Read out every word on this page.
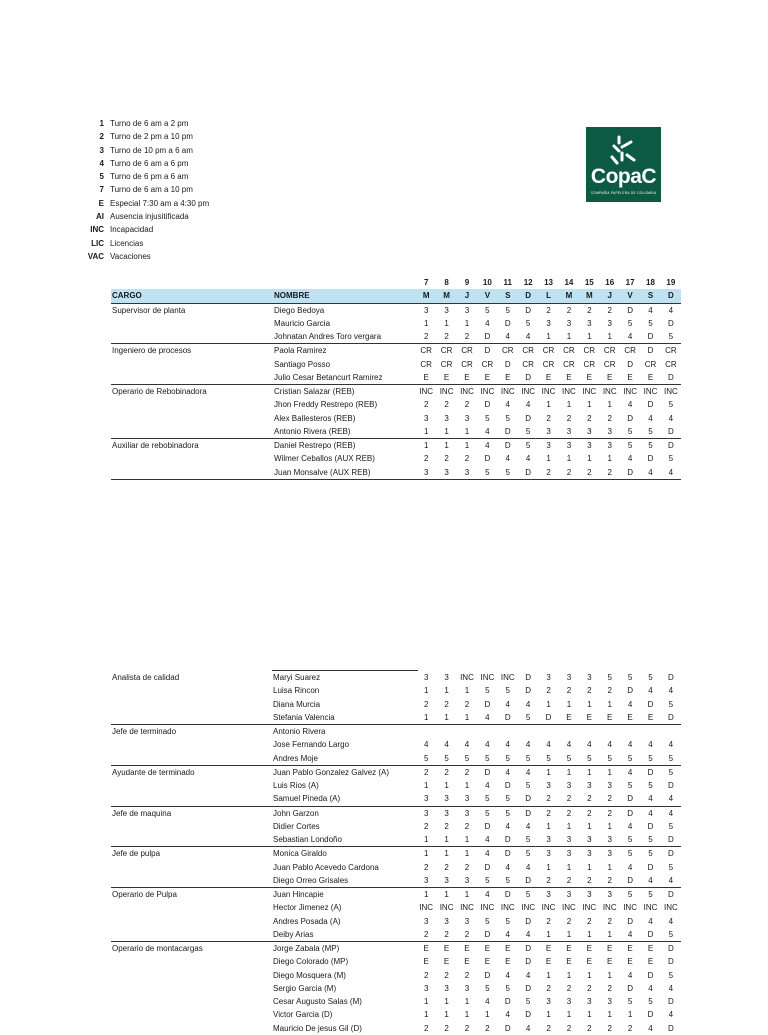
1 Turno de 6 am a 2 pm
2 Turno de 2 pm a 10 pm
3 Turno de 10 pm a 6 am
4 Turno de 6 am a 6 pm
5 Turno de 6 pm a 6 am
7 Turno de 6 am a 10 pm
E Especial 7:30 am a 4:30 pm
AI Ausencia injusitificada
INC Incapacidad
LIC Licencias
VAC Vacaciones
CopaC
COMPAÑÍA PAPELERA DE COLOMBIA
7	8	9	10	11	12	13	14	15	16	17	18	19
CARGO	NOMBRE	M	M	J	V	S	D	L	M	M	J	V	S	D
Supervisor de planta	Diego Bedoya	3	3	3	5	5	D	2	2	2	2	D	4	4
Mauricio Garcia	1	1	1	4	D	5	3	3	3	3	5	5	D
Johnatan Andres Toro vergara	2	2	2	D	4	4	1	1	1	1	4	D	5
Ingeniero de procesos	Paola Ramirez	CR	CR	CR	D	CR	CR	CR	CR	CR	CR	CR	D	CR
Santiago Posso	CR	CR	CR	CR	D	CR	CR	CR	CR	CR	D	CR	CR
Julio Cesar Betancurt Ramirez	E	E	E	E	E	D	E	E	E	E	E	E	D
Operario de Rebobinadora	Cristian Salazar (REB)	INC INC INC INC INC INC INC INC INC INC INC INC INC
Jhon Freddy Restrepo (REB)	2	2	2	D	4	4	1	1	1	1	4	D	5
Alex Ballesteros (REB)	3	3	3	5	5	D	2	2	2	2	D	4	4
Antonio Rivera (REB)	1	1	1	4	D	5	3	3	3	3	5	5	D
Auxiliar de rebobinadora	Daniel Restrepo (REB)	1	1	1	4	D	5	3	3	3	3	5	5	D
Wilmer Ceballos (AUX REB)	2	2	2	D	4	4	1	1	1	1	4	D	5
Juan Monsalve (AUX REB)	3	3	3	5	5	D	2	2	2	2	D	4	4
Analista de calidad	Maryi Suarez	3	3	INC INC INC	D	3	3	3	5	5	5	D
Luisa Rincon	1	1	1	5	5	D	2	2	2	2	D	4	4
Diana Murcia	2	2	2	D	4	4	1	1	1	1	4	D	5
Stefania Valencia	1	1	1	4	D	5	D	E	E	E	E	E	D
Jefe de terminado	Antonio Rivera
Jose Fernando Largo	4	4	4	4	4	4	4	4	4	4	4	4	4
Andres Moje	5	5	5	5	5	5	5	5	5	5	5	5	5
Ayudante de terminado	Juan Pablo Gonzalez Galvez (A)	2	2	2	D	4	4	1	1	1	1	4	D	5
Luis Rios (A)	1	1	1	4	D	5	3	3	3	3	5	5	D
Samuel Pineda (A)	3	3	3	5	5	D	2	2	2	2	D	4	4
Jefe de maquina	John Garzon	3	3	3	5	5	D	2	2	2	2	D	4	4
Didier Cortes	2	2	2	D	4	4	1	1	1	1	4	D	5
Sebastian Londoño	1	1	1	4	D	5	3	3	3	3	5	5	D
Jefe de pulpa	Monica Giraldo	1	1	1	4	D	5	3	3	3	3	5	5	D
Juan Pablo Acevedo Cardona	2	2	2	D	4	4	1	1	1	1	4	D	5
Diego Orreo Grisales	3	3	3	5	5	D	2	2	2	2	D	4	4
Operario de Pulpa	Juan Hincapie	1	1	1	4	D	5	3	3	3	3	5	5	D
Hector Jimenez (A)	INC INC INC INC INC INC INC INC INC INC INC INC INC
Andres Posada (A)	3	3	3	5	5	D	2	2	2	2	D	4	4
Deiby Arias	2	2	2	D	4	4	1	1	1	1	4	D	5
Operario de montacargas	Jorge Zabala (MP)	E	E	E	E	E	D	E	E	E	E	E	E	D
Diego Colorado (MP)	E	E	E	E	E	D	E	E	E	E	E	E	D
Diego Mosquera (M)	2	2	2	D	4	4	1	1	1	1	4	D	5
Sergio Garcia (M)	3	3	3	5	5	D	2	2	2	2	D	4	4
Cesar Augusto Salas (M)	1	1	1	4	D	5	3	3	3	3	5	5	D
Victor Garcia (D)	1	1	1	1	4	D	1	1	1	1	1	D	4
Mauricio De jesus Gil (D)	2	2	2	2	D	4	2	2	2	2	2	4	D
